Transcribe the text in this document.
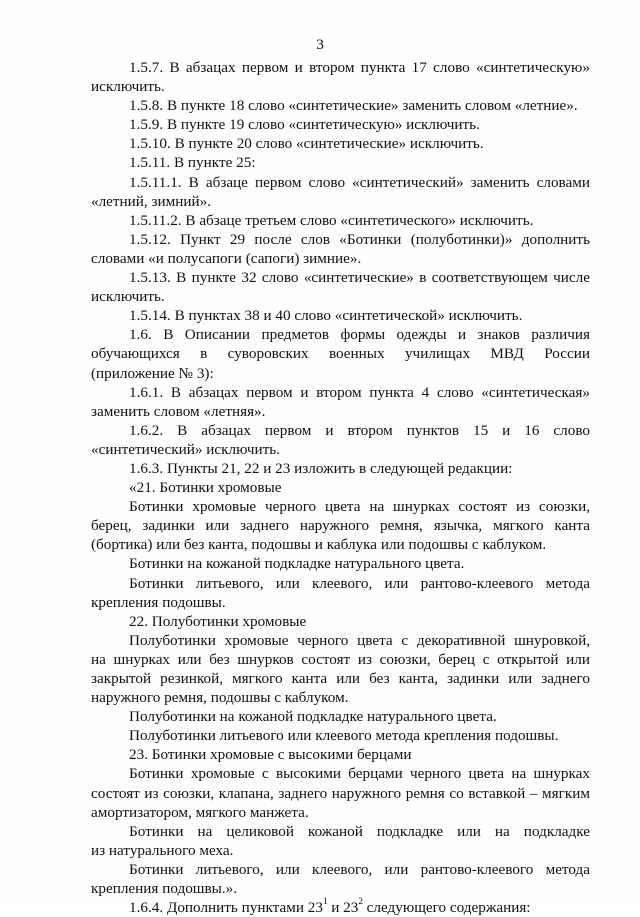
3

1.5.7. В абзацах первом и втором пункта 17 слово «синтетическую»

исключить.

1.5.8. В пункте 18 слово «синтетические» заменить словом «летние».

1.5.9. В пункте 19 слово «синтетическую» исключить.

1.5.10. В пункте 20 слово «синтетические» исключить.

1.5.11. В пункте 25:

1.5.11.1. В абзаце первом слово «синтетический» заменить словами

«летний, зимний».

1.5.11.2. В абзаце третьем слово «синтетического» исключить.

1.5.12. Пункт 29 после слов «Ботинки (полуботинки)» дополнить

словами «и полусапоги (сапоги) зимние».

1.5.13. В пункте 32 слово «синтетические» в соответствующем числе

исключить.

1.5.14. В пунктах 38 и 40 слово «синтетической» исключить.

1.6. В Описании предметов формы одежды и знаков различия

обучающихся в суворовских военных училищах МВД России

(приложение № 3):

1.6.1. В абзацах первом и втором пункта 4 слово «синтетическая»

заменить словом «летняя».

1.6.2. В абзацах первом и втором пунктов 15 и 16 слово

«синтетический» исключить.

1.6.3. Пункты 21, 22 и 23 изложить в следующей редакции:

«21. Ботинки хромовые

Ботинки хромовые черного цвета на шнурках состоят из союзки,

берец, задинки или заднего наружного ремня, язычка, мягкого канта

(бортика) или без канта, подошвы и каблука или подошвы с каблуком.

Ботинки на кожаной подкладке натурального цвета.

Ботинки литьевого, или клеевого, или рантово-клеевого метода

крепления подошвы.

22. Полуботинки хромовые

Полуботинки хромовые черного цвета с декоративной шнуровкой,

на шнурках или без шнурков состоят из союзки, берец с открытой или

закрытой резинкой, мягкого канта или без канта, задинки или заднего

наружного ремня, подошвы с каблуком.

Полуботинки на кожаной подкладке натурального цвета.

Полуботинки литьевого или клеевого метода крепления подошвы.

23. Ботинки хромовые с высокими берцами

Ботинки хромовые с высокими берцами черного цвета на шнурках

состоят из союзки, клапана, заднего наружного ремня со вставкой – мягким

амортизатором, мягкого манжета.

Ботинки на целиковой кожаной подкладке или на подкладке

из натурального меха.

Ботинки литьевого, или клеевого, или рантово-клеевого метода

крепления подошвы.».

1.6.4. Дополнить пунктами $23^1$ и $23^2$ следующего содержания:
